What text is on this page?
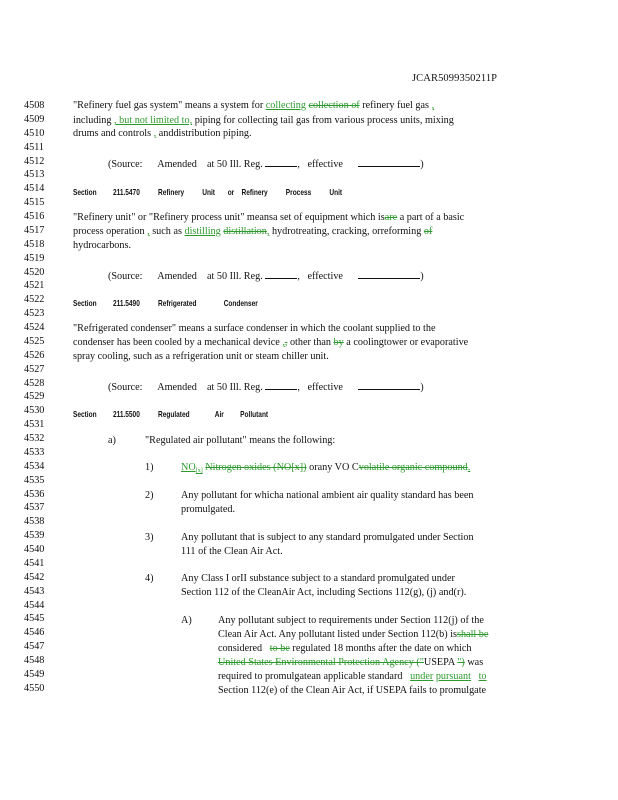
JCAR5099350211P
4508
4509
4510
4511
4512
4513
4514
4515
4516
4517
4518
4519
4520
4521
4522
4523
4524
4525
4526
4527
4528
4529
4530
4531
4532
4533
4534
4535
4536
4537
4538
4539
4540
4541
4542
4543
4544
4545
4546
4547
4548
4549
4550
"Refinery fuel gas system" means a system for collecting collection of refinery fuel gas ,
including , but not limited to, piping for collecting tail gas from various process units, mixing
drums and controls , anddistribution piping.
(Source: Amended at 50 Ill. Reg.	,   effective	)
Section 211.5470 Refinery Unit or Refinery Process Unit
"Refinery unit" or "Refinery process unit" meansa set of equipment which isare a part of a basic
process operation , such as distilling distillation, hydrotreating, cracking, orreforming of
hydrocarbons.
(Source: Amended at 50 Ill. Reg.	,   effective	)
Section 211.5490 Refrigerated	Condenser
"Refrigerated condenser" means a surface condenser in which the coolant supplied to the
condenser has been cooled by a mechanical device ,, other than by a coolingtower or evaporative
spray cooling, such as a refrigeration unit or steam chiller unit.
(Source: Amended at 50 Ill. Reg.	,   effective	)
Section 211.5500 Regulated	Air Pollutant
a)	"Regulated air pollutant" means the following:
1)	NO[x] Nitrogen oxides (NO[x]) orany VO Cvolatile organic compound.
2)	Any pollutant for whicha national ambient air quality standard has been
promulgated.
3)	Any pollutant that is subject to any standard promulgated under Section
111 of the Clean Air Act.
4)	Any Class I orII substance subject to a standard promulgated under
Section 112 of the CleanAir Act, including Sections 112(g), (j) and(r).
A)	Any pollutant subject to requirements under Section 112(j) of the
Clean Air Act. Any pollutant listed under Section 112(b) isshall be
considered to be regulated 18 months after the date on which
United States Environmental Protection Agency ("USEPA ") was
required to promulgatean applicable standard under pursuant to
Section 112(e) of the Clean Air Act, if USEPA fails to promulgate
